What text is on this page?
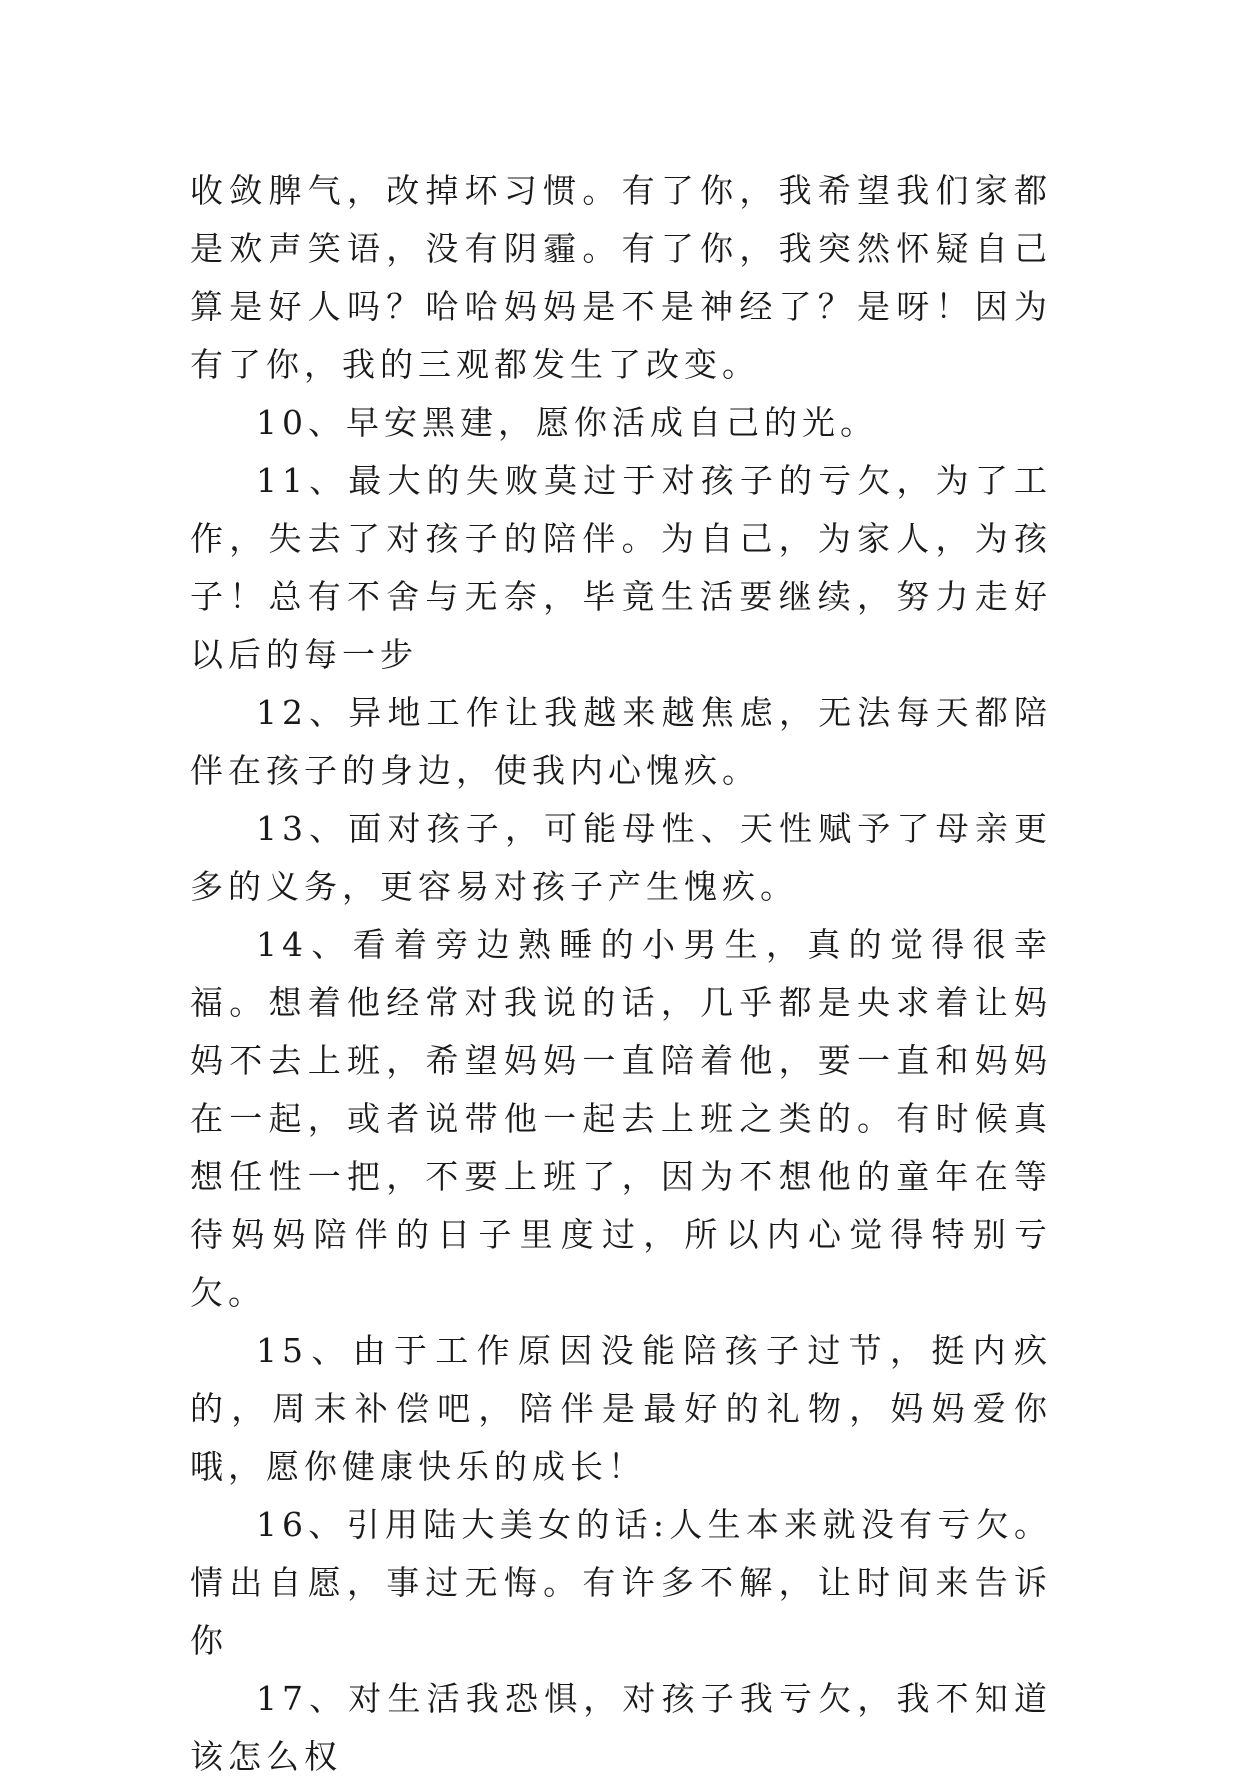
收敛脾气，改掉坏习惯。有了你，我希望我们家都是欢声笑语，没有阴霾。有了你，我突然怀疑自己算是好人吗？哈哈妈妈是不是神经了？是呀！因为有了你，我的三观都发生了改变。

10、早安黑建，愿你活成自己的光。

11、最大的失败莫过于对孩子的亏欠，为了工作，失去了对孩子的陪伴。为自己，为家人，为孩子！总有不舍与无奈，毕竟生活要继续，努力走好以后的每一步

12、异地工作让我越来越焦虑，无法每天都陪伴在孩子的身边，使我内心愧疚。

13、面对孩子，可能母性、天性赋予了母亲更多的义务，更容易对孩子产生愧疚。

14、看着旁边熟睡的小男生，真的觉得很幸福。想着他经常对我说的话，几乎都是央求着让妈妈不去上班，希望妈妈一直陪着他，要一直和妈妈在一起，或者说带他一起去上班之类的。有时候真想任性一把，不要上班了，因为不想他的童年在等待妈妈陪伴的日子里度过，所以内心觉得特别亏欠。

15、由于工作原因没能陪孩子过节，挺内疚的，周末补偿吧，陪伴是最好的礼物，妈妈爱你哦，愿你健康快乐的成长！

16、引用陆大美女的话:人生本来就没有亏欠。情出自愿，事过无悔。有许多不解，让时间来告诉你

17、对生活我恐惧，对孩子我亏欠，我不知道该怎么权
